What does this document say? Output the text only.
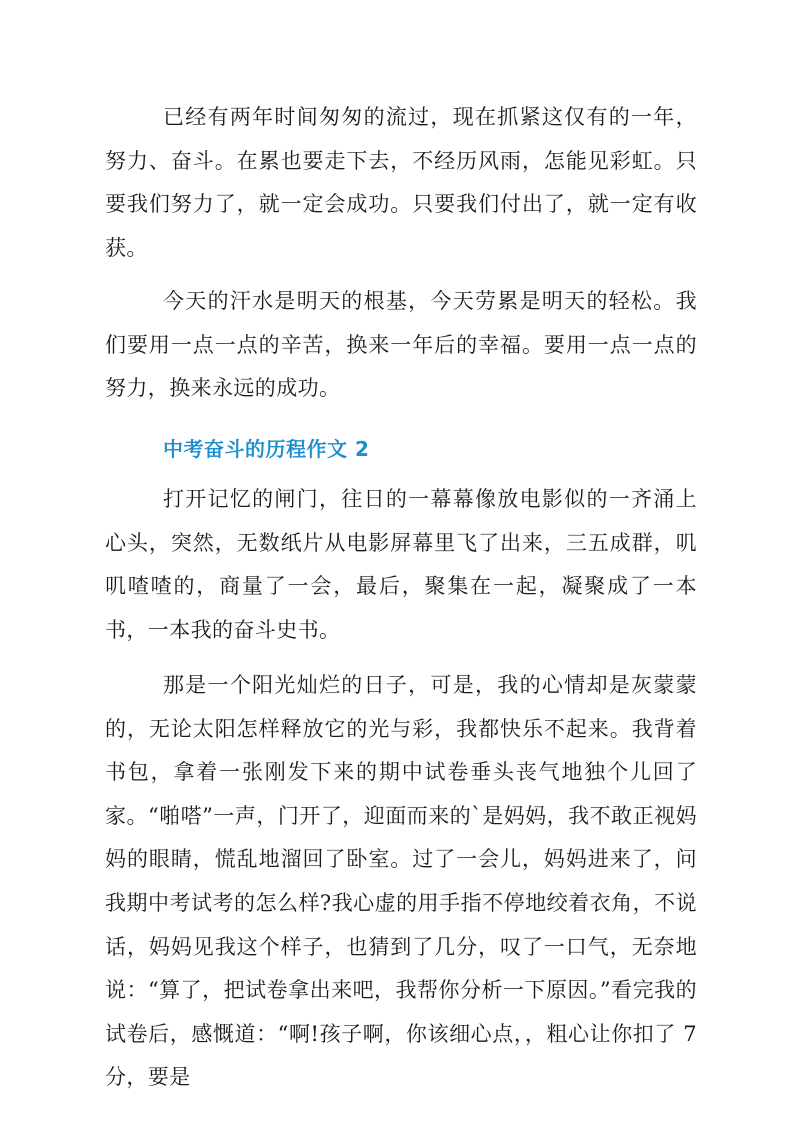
已经有两年时间匆匆的流过，现在抓紧这仅有的一年，努力、奋斗。在累也要走下去，不经历风雨，怎能见彩虹。只要我们努力了，就一定会成功。只要我们付出了，就一定有收获。

今天的汗水是明天的根基，今天劳累是明天的轻松。我们要用一点一点的辛苦，换来一年后的幸福。要用一点一点的努力，换来永远的成功。

中考奋斗的历程作文 2

打开记忆的闸门，往日的一幕幕像放电影似的一齐涌上心头，突然，无数纸片从电影屏幕里飞了出来，三五成群，叽叽喳喳的，商量了一会，最后，聚集在一起，凝聚成了一本书，一本我的奋斗史书。

那是一个阳光灿烂的日子，可是，我的心情却是灰蒙蒙的，无论太阳怎样释放它的光与彩，我都快乐不起来。我背着书包，拿着一张刚发下来的期中试卷垂头丧气地独个儿回了家。“啪嗒”一声，门开了，迎面而来的`是妈妈，我不敢正视妈妈的眼睛，慌乱地溜回了卧室。过了一会儿，妈妈进来了，问我期中考试考的怎么样?我心虚的用手指不停地绞着衣角，不说话，妈妈见我这个样子，也猜到了几分，叹了一口气，无奈地说：“算了，把试卷拿出来吧，我帮你分析一下原因。”看完我的试卷后，感慨道：“啊!孩子啊，你该细心点，，粗心让你扣了 7 分，要是
